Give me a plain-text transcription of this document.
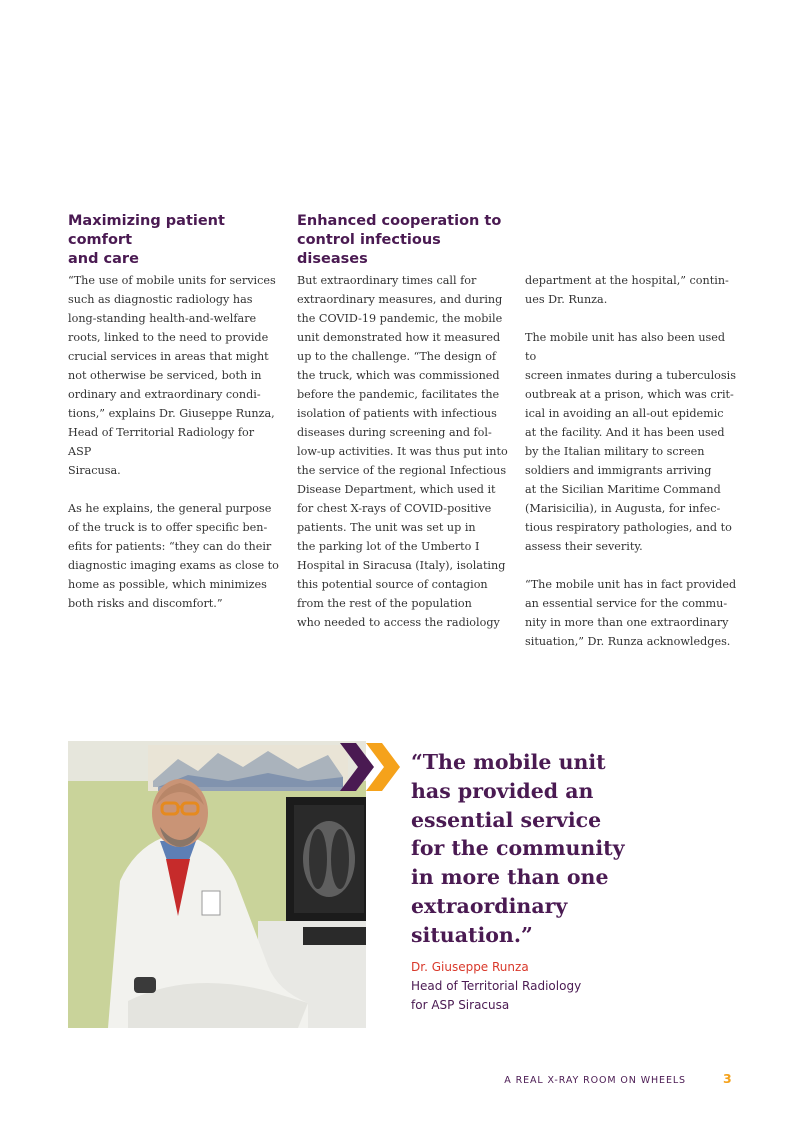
Maximizing patient comfort
and care

“The use of mobile units for services
such as diagnostic radiology has
long-standing health-and-welfare
roots, linked to the need to provide
crucial services in areas that might
not otherwise be serviced, both in
ordinary and extraordinary condi-
tions,” explains Dr. Giuseppe Runza,
Head of Territorial Radiology for ASP
Siracusa.

As he explains, the general purpose
of the truck is to offer specific ben-
efits for patients: “they can do their
diagnostic imaging exams as close to
home as possible, which minimizes
both risks and discomfort.”

Enhanced cooperation to
control infectious diseases

But extraordinary times call for
extraordinary measures, and during
the COVID-19 pandemic, the mobile
unit demonstrated how it measured
up to the challenge. “The design of
the truck, which was commissioned
before the pandemic, facilitates the
isolation of patients with infectious
diseases during screening and fol-
low-up activities. It was thus put into
the service of the regional Infectious
Disease Department, which used it
for chest X-rays of COVID-positive
patients. The unit was set up in
the parking lot of the Umberto I
Hospital in Siracusa (Italy), isolating
this potential source of contagion
from the rest of the population
who needed to access the radiology

department at the hospital,” contin-
ues Dr. Runza.

The mobile unit has also been used to
screen inmates during a tuberculosis
outbreak at a prison, which was crit-
ical in avoiding an all-out epidemic
at the facility. And it has been used
by the Italian military to screen
soldiers and immigrants arriving
at the Sicilian Maritime Command
(Marisicilia), in Augusta, for infec-
tious respiratory pathologies, and to
assess their severity.

“The mobile unit has in fact provided
an essential service for the commu-
nity in more than one extraordinary
situation,” Dr. Runza acknowledges.

“The mobile unit
has provided an
essential service
for the community
in more than one
extraordinary
situation.”
Dr. Giuseppe Runza
Head of Territorial Radiology
for ASP Siracusa
A REAL X-RAY ROOM ON WHEELS	3
